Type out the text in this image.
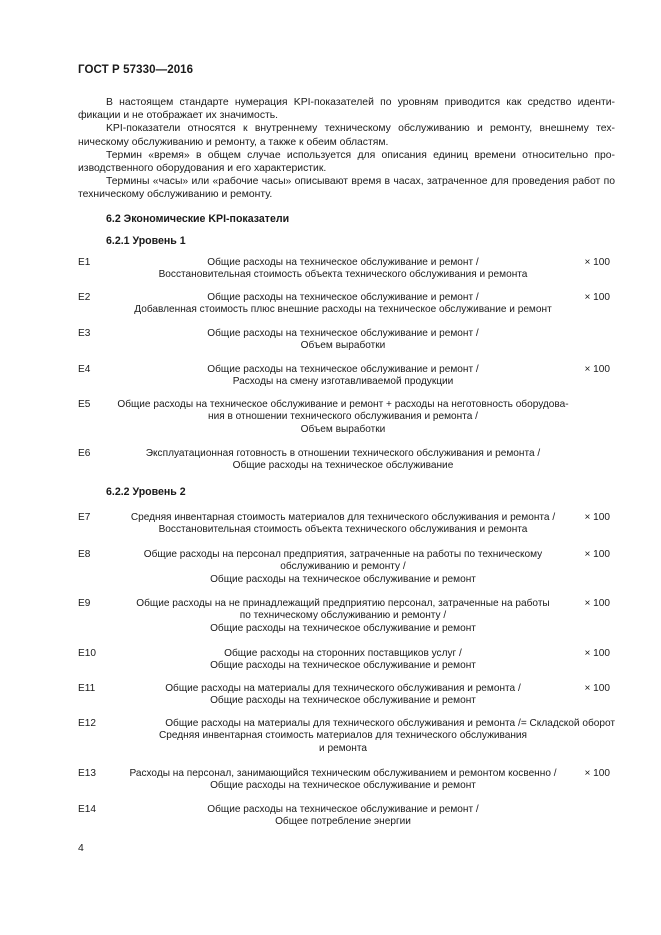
ГОСТ Р 57330—2016

В настоящем стандарте нумерация KPI-показателей по уровням приводится как средство иденти-фикации и не отображает их значимость.

KPI-показатели относятся к внутреннему техническому обслуживанию и ремонту, внешнему тех-ническому обслуживанию и ремонту, а также к обеим областям.

Термин «время» в общем случае используется для описания единиц времени относительно про-изводственного оборудования и его характеристик.

Термины «часы» или «рабочие часы» описывают время в часах, затраченное для проведения работ по техническому обслуживанию и ремонту.

6.2 Экономические KPI-показатели
6.2.1 Уровень 1
6.2.2 Уровень 2
E1	Общие расходы на техническое обслуживание и ремонт /
Восстановительная стоимость объекта технического обслуживания и ремонта
× 100
E2	Общие расходы на техническое обслуживание и ремонт /
Добавленная стоимость плюс внешние расходы на техническое обслуживание и ремонт
× 100
E3	Общие расходы на техническое обслуживание и ремонт /
Объем выработки
E4	Общие расходы на техническое обслуживание и ремонт /
Расходы на смену изготавливаемой продукции
× 100
E5	Общие расходы на техническое обслуживание и ремонт + расходы на неготовность оборудова-
ния в отношении технического обслуживания и ремонта /
Объем выработки
E6	Эксплуатационная готовность в отношении технического обслуживания и ремонта /
Общие расходы на техническое обслуживание
E7	Средняя инвентарная стоимость материалов для технического обслуживания и ремонта /
Восстановительная стоимость объекта технического обслуживания и ремонта
× 100
E8	Общие расходы на персонал предприятия, затраченные на работы по техническому
обслуживанию и ремонту /
Общие расходы на техническое обслуживание и ремонт
× 100
E9	Общие расходы на не принадлежащий предприятию персонал, затраченные на работы
по техническому обслуживанию и ремонту /
Общие расходы на техническое обслуживание и ремонт
× 100
E10	Общие расходы на сторонних поставщиков услуг /
Общие расходы на техническое обслуживание и ремонт
× 100
E11	Общие расходы на материалы для технического обслуживания и ремонта /
Общие расходы на техническое обслуживание и ремонт
× 100
E12	Общие расходы на материалы для технического обслуживания и ремонта /
Средняя инвентарная стоимость материалов для технического обслуживания
и ремонта
= Складской оборот
E13	Расходы на персонал, занимающийся техническим обслуживанием и ремонтом косвенно /
Общие расходы на техническое обслуживание и ремонт
× 100
E14	Общие расходы на техническое обслуживание и ремонт /
Общее потребление энергии
4
